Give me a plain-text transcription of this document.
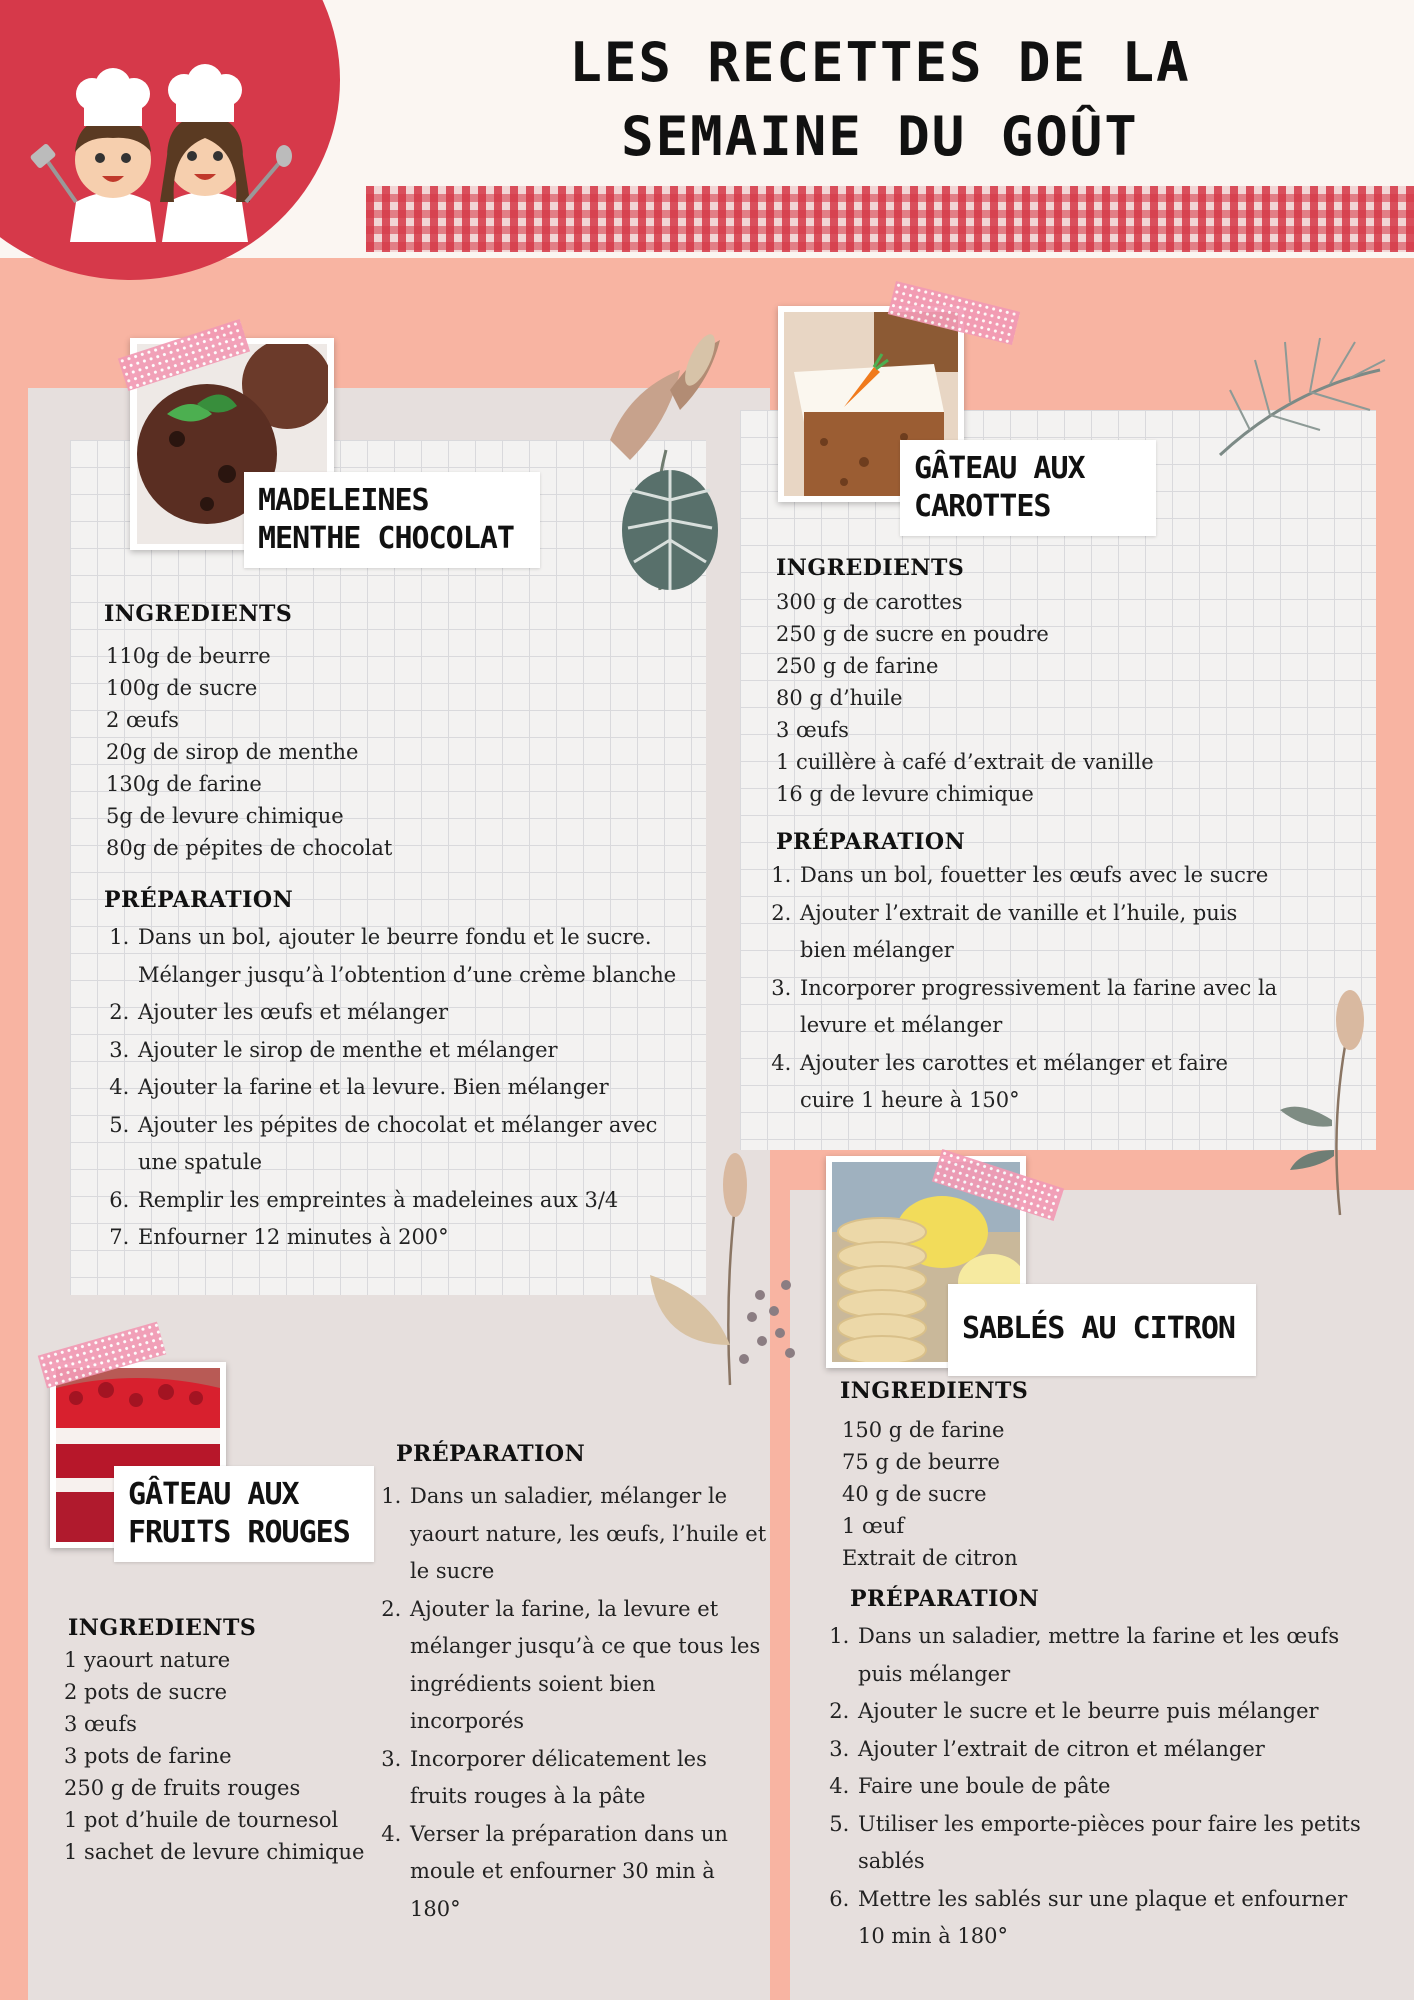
LES RECETTES DE LA
SEMAINE DU GOÛT
MADELEINES
MENTHE CHOCOLAT
INGREDIENTS
110g de beurre
100g de sucre
2 œufs
20g de sirop de menthe
130g de farine
5g de levure chimique
80g de pépites de chocolat
PRÉPARATION
1. Dans un bol, ajouter le beurre fondu et le sucre. Mélanger jusqu’à l’obtention d’une crème blanche
2. Ajouter les œufs et mélanger
3. Ajouter le sirop de menthe et mélanger
4. Ajouter la farine et la levure. Bien mélanger
5. Ajouter les pépites de chocolat et mélanger avec une spatule
6. Remplir les empreintes à madeleines aux 3/4
7. Enfourner 12 minutes à 200°
GÂTEAU AUX
CAROTTES
INGREDIENTS
300 g de carottes
250 g de sucre en poudre
250 g de farine
80 g d’huile
3 œufs
1 cuillère à café d’extrait de vanille
16 g de levure chimique
PRÉPARATION
1. Dans un bol, fouetter les œufs avec le sucre
2. Ajouter l’extrait de vanille et l’huile, puis bien mélanger
3. Incorporer progressivement la farine avec la levure et mélanger
4. Ajouter les carottes et mélanger et faire cuire 1 heure à 150°
GÂTEAU AUX
FRUITS ROUGES
INGREDIENTS
1 yaourt nature
2 pots de sucre
3 œufs
3 pots de farine
250 g de fruits rouges
1 pot d’huile de tournesol
1 sachet de levure chimique
PRÉPARATION
1. Dans un saladier, mélanger le yaourt nature, les œufs, l’huile et le sucre
2. Ajouter la farine, la levure et mélanger jusqu’à ce que tous les ingrédients soient bien incorporés
3. Incorporer délicatement les fruits rouges à la pâte
4. Verser la préparation dans un moule et enfourner 30 min à 180°
SABLÉS AU CITRON
INGREDIENTS
150 g de farine
75 g de beurre
40 g de sucre
1 œuf
Extrait de citron
PRÉPARATION
1. Dans un saladier, mettre la farine et les œufs puis mélanger
2. Ajouter le sucre et le beurre puis mélanger
3. Ajouter l’extrait de citron et mélanger
4. Faire une boule de pâte
5. Utiliser les emporte-pièces pour faire les petits sablés
6. Mettre les sablés sur une plaque et enfourner 10 min à 180°
